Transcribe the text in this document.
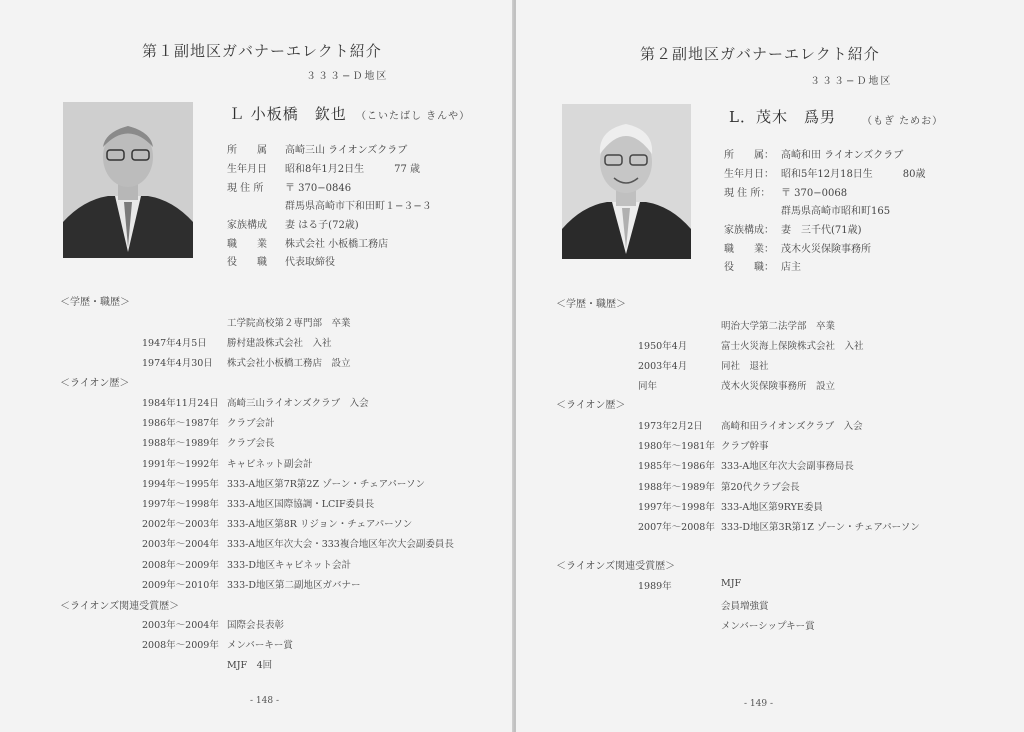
第１副地区ガバナーエレクト紹介
３３３−Ｄ地区
Ｌ 小板橋　欽也 （こいたばし きんや）
所　　属	高崎三山 ライオンズクラブ
生年月日	昭和8年1月2日生　　　77 歳
現 住 所	〒 370−0846
群馬県高崎市下和田町１−３−３
家族構成	妻 はる子(72歳)
職　　業	株式会社 小板橋工務店
役　　職	代表取締役
＜学歴・職歴＞
工学院高校第２専門部　卒業
1947年4月5日 勝村建設株式会社　入社
1974年4月30日 株式会社小板橋工務店　設立
＜ライオン歴＞
1984年11月24日 高崎三山ライオンズクラブ　入会
1986年〜1987年 クラブ会計
1988年〜1989年 クラブ会長
1991年〜1992年 キャビネット副会計
1994年〜1995年 333-A地区第7R第2Z ゾーン・チェアパーソン
1997年〜1998年 333-A地区国際協調・LCIF委員長
2002年〜2003年 333-A地区第8R リジョン・チェアパーソン
2003年〜2004年 333-A地区年次大会・333複合地区年次大会副委員長
2008年〜2009年 333-D地区キャビネット会計
2009年〜2010年 333-D地区第二副地区ガバナー
＜ライオンズ関連受賞歴＞
2003年〜2004年 国際会長表彰
2008年〜2009年 メンバーキー賞
MJF　4回
- 148 -
第２副地区ガバナーエレクト紹介
３３３−Ｄ地区
L．茂木　爲男	（もぎ ためお）
所　　属： 高崎和田 ライオンズクラブ
生年月日： 昭和5年12月18日生　　　80歳
現 住 所：	〒 370−0068
群馬県高崎市昭和町165
家族構成： 妻　三千代(71歳)
職　　業： 茂木火災保険事務所
役　　職： 店主
＜学歴・職歴＞
明治大学第二法学部　卒業
1950年4月	富士火災海上保険株式会社　入社
2003年4月	同社　退社
同年	茂木火災保険事務所　設立
＜ライオン歴＞
1973年2月2日 高崎和田ライオンズクラブ　入会
1980年〜1981年 クラブ幹事
1985年〜1986年 333-A地区年次大会副事務局長
1988年〜1989年 第20代クラブ会長
1997年〜1998年 333-A地区第9RYE委員
2007年〜2008年 333-D地区第3R第1Z ゾーン・チェアパーソン
＜ライオンズ関連受賞歴＞
1989年	MJF
会員増強賞
メンバーシップキー賞
- 149 -
